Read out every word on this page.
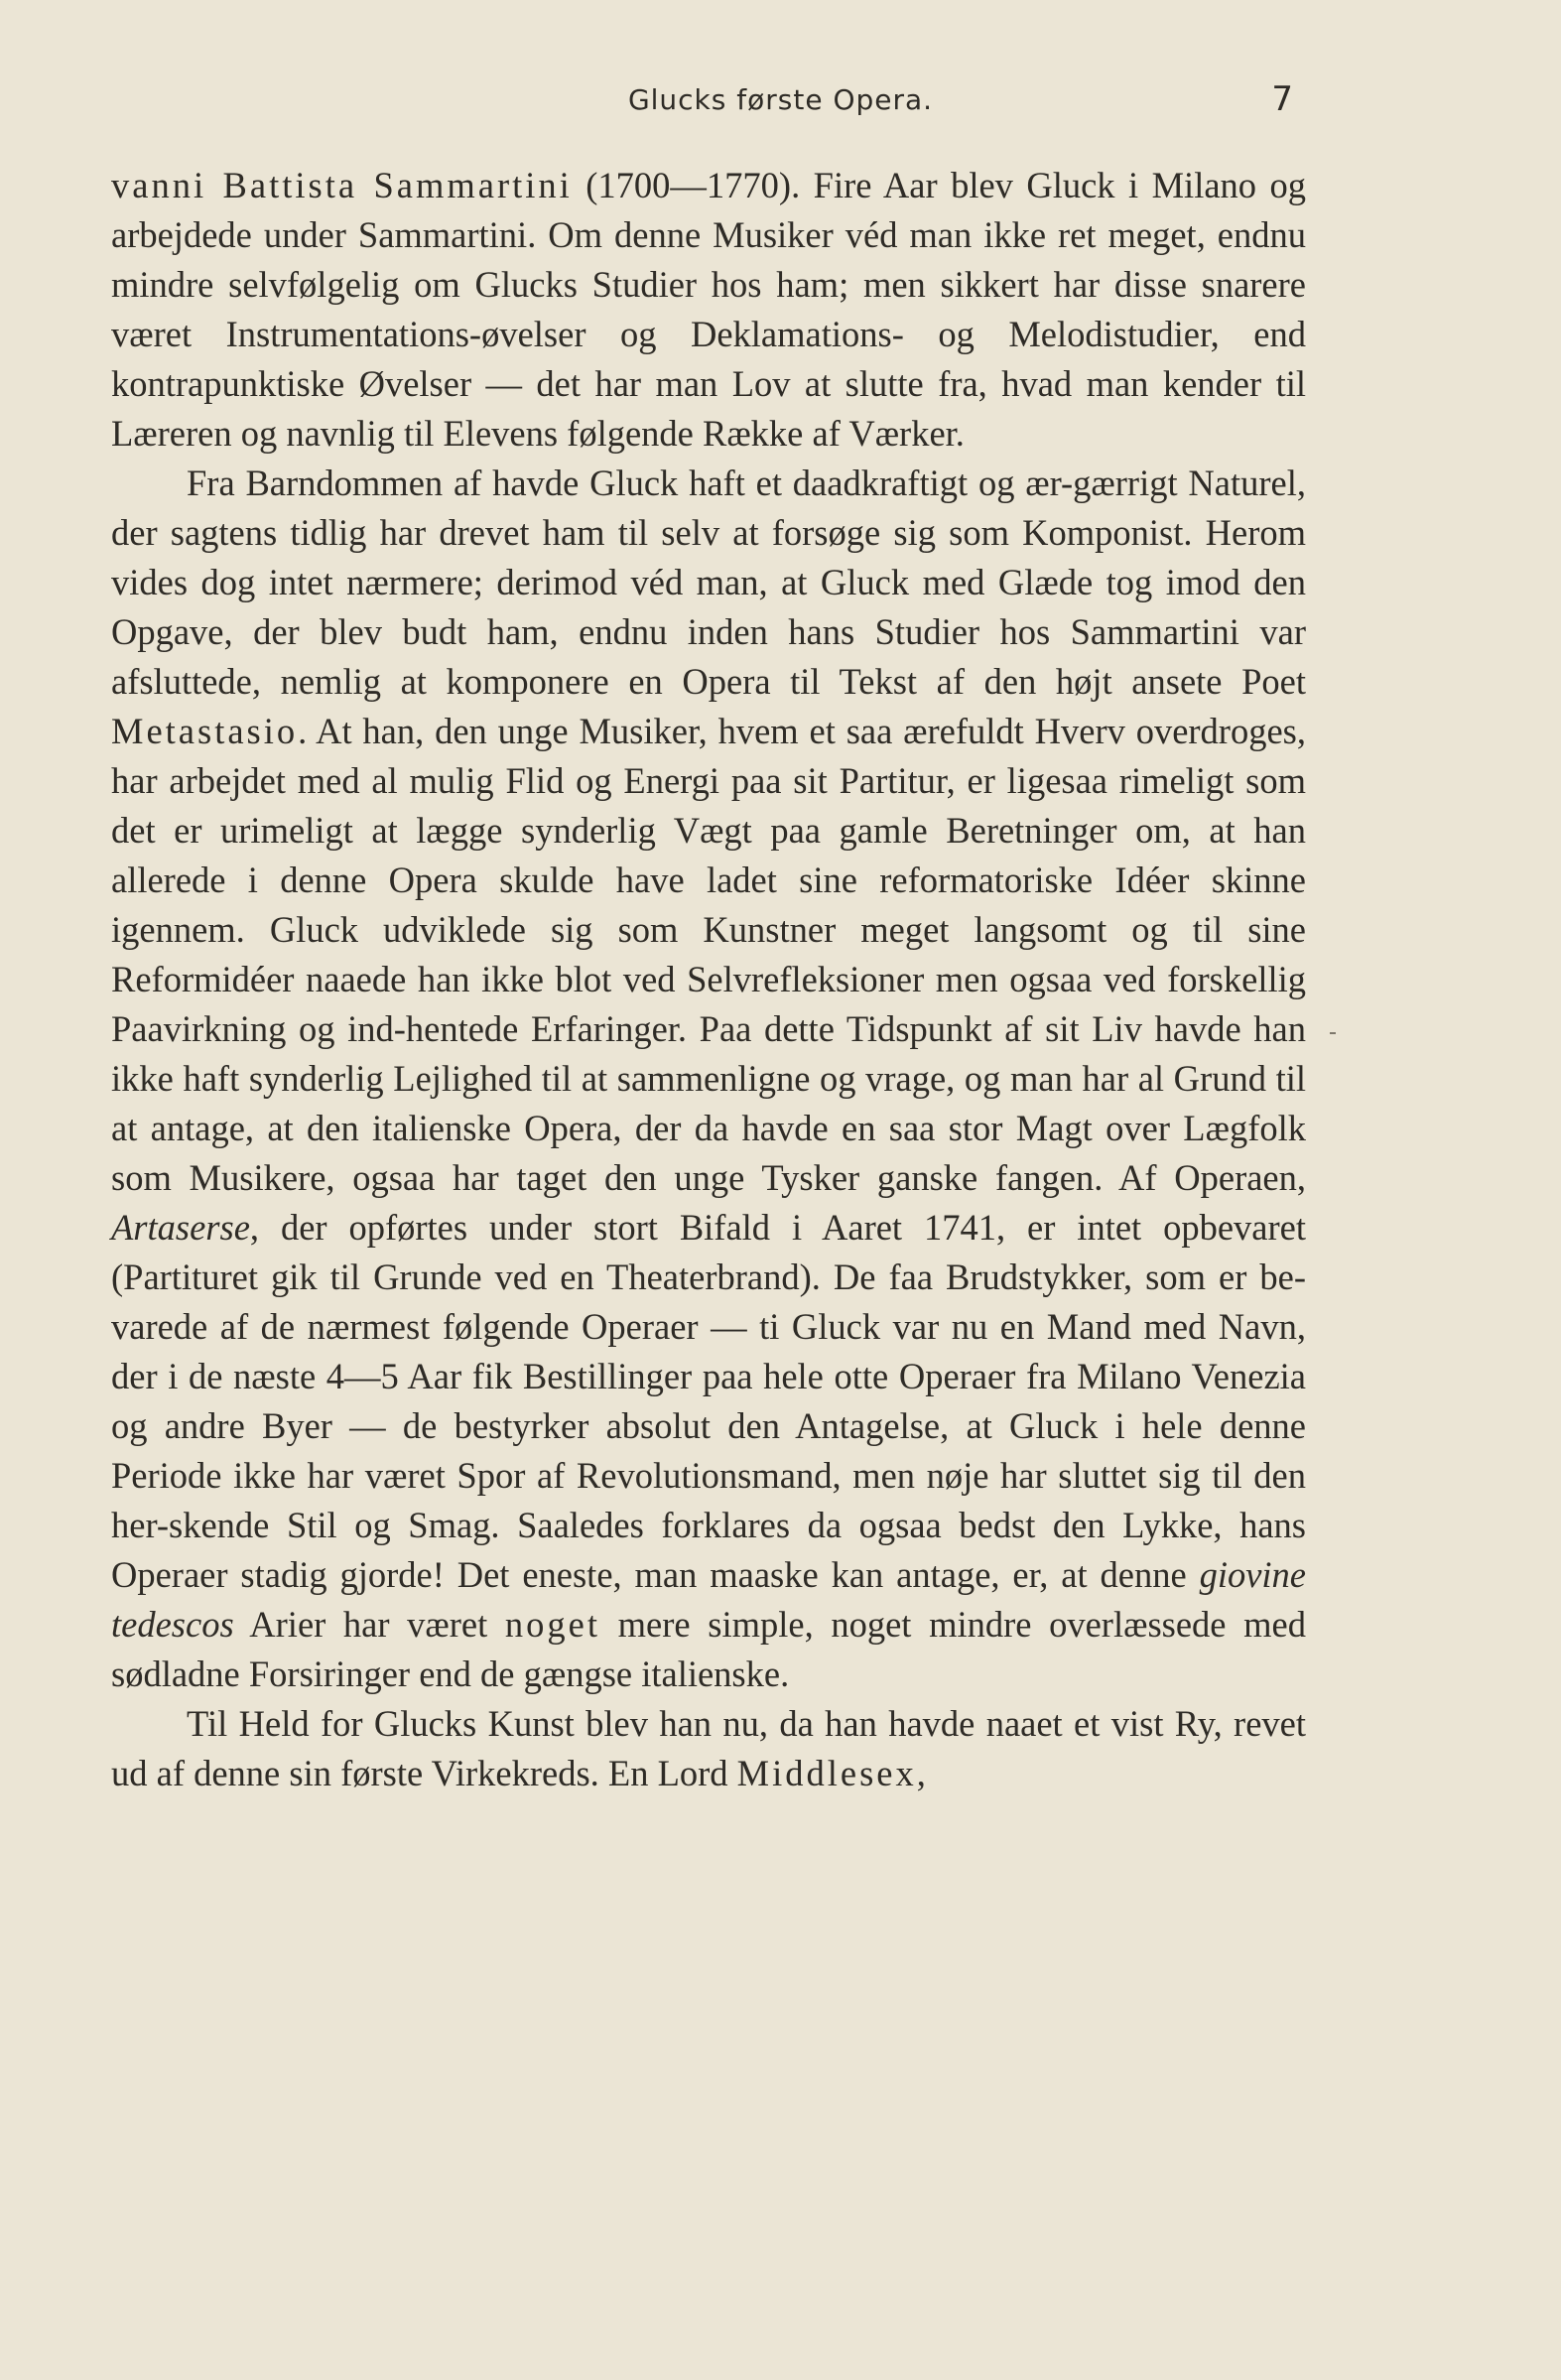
Glucks første Opera.	7

vanni Battista Sammartini (1700—1770). Fire Aar blev Gluck i Milano og arbejdede under Sammartini. Om denne Musiker véd man ikke ret meget, endnu mindre selvfølgelig om Glucks Studier hos ham; men sikkert har disse snarere været Instrumentations-øvelser og Deklamations- og Melodistudier, end kontrapunktiske Øvelser — det har man Lov at slutte fra, hvad man kender til Læreren og navnlig til Elevens følgende Række af Værker.

Fra Barndommen af havde Gluck haft et daadkraftigt og ær-gærrigt Naturel, der sagtens tidlig har drevet ham til selv at forsøge sig som Komponist. Herom vides dog intet nærmere; derimod véd man, at Gluck med Glæde tog imod den Opgave, der blev budt ham, endnu inden hans Studier hos Sammartini var afsluttede, nemlig at komponere en Opera til Tekst af den højt ansete Poet Metastasio. At han, den unge Musiker, hvem et saa ærefuldt Hverv overdroges, har arbejdet med al mulig Flid og Energi paa sit Partitur, er ligesaa rimeligt som det er urimeligt at lægge synderlig Vægt paa gamle Beretninger om, at han allerede i denne Opera skulde have ladet sine reformatoriske Idéer skinne igennem. Gluck udviklede sig som Kunstner meget langsomt og til sine Reformidéer naaede han ikke blot ved Selvrefleksioner men ogsaa ved forskellig Paavirkning og ind-hentede Erfaringer. Paa dette Tidspunkt af sit Liv havde han ikke haft synderlig Lejlighed til at sammenligne og vrage, og man har al Grund til at antage, at den italienske Opera, der da havde en saa stor Magt over Lægfolk som Musikere, ogsaa har taget den unge Tysker ganske fangen. Af Operaen, Artaserse, der opførtes under stort Bifald i Aaret 1741, er intet opbevaret (Partituret gik til Grunde ved en Theaterbrand). De faa Brudstykker, som er be-varede af de nærmest følgende Operaer — ti Gluck var nu en Mand med Navn, der i de næste 4—5 Aar fik Bestillinger paa hele otte Operaer fra Milano Venezia og andre Byer — de bestyrker absolut den Antagelse, at Gluck i hele denne Periode ikke har været Spor af Revolutionsmand, men nøje har sluttet sig til den her-skende Stil og Smag. Saaledes forklares da ogsaa bedst den Lykke, hans Operaer stadig gjorde! Det eneste, man maaske kan antage, er, at denne giovine tedescos Arier har været noget mere simple, noget mindre overlæssede med sødladne Forsiringer end de gængse italienske.

Til Held for Glucks Kunst blev han nu, da han havde naaet et vist Ry, revet ud af denne sin første Virkekreds. En Lord Middlesex,
